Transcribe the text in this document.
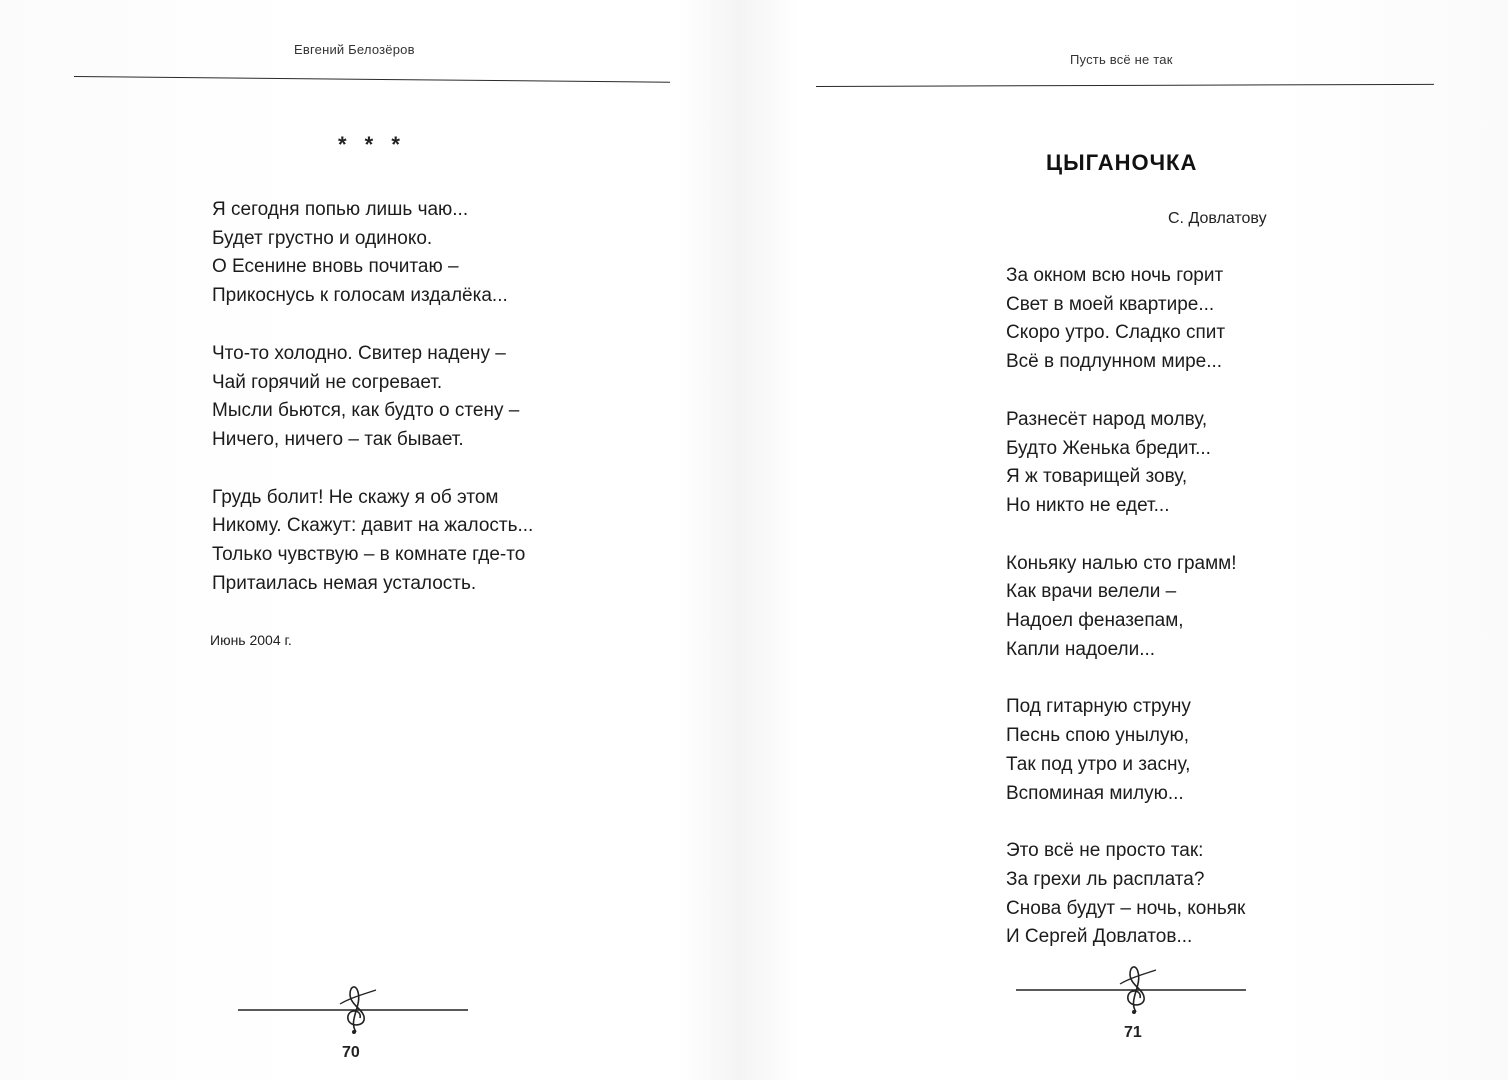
Евгений Белозёров
* * *
Я сегодня попью лишь чаю...
Будет грустно и одиноко.
О Есенине вновь почитаю –
Прикоснусь к голосам издалёка...
Что-то холодно. Свитер надену –
Чай горячий не согревает.
Мысли бьются, как будто о стену –
Ничего, ничего – так бывает.
Грудь болит! Не скажу я об этом
Никому. Скажут: давит на жалость...
Только чувствую – в комнате где-то
Притаилась немая усталость.
Июнь 2004 г.
70
Пусть всё не так
ЦЫГАНОЧКА
С. Довлатову
За окном всю ночь горит
Свет в моей квартире...
Скоро утро. Сладко спит
Всё в подлунном мире...
Разнесёт народ молву,
Будто Женька бредит...
Я ж товарищей зову,
Но никто не едет...
Коньяку налью сто грамм!
Как врачи велели –
Надоел феназепам,
Капли надоели...
Под гитарную струну
Песнь спою унылую,
Так под утро и засну,
Вспоминая милую...
Это всё не просто так:
За грехи ль расплата?
Снова будут – ночь, коньяк
И Сергей Довлатов...
71
